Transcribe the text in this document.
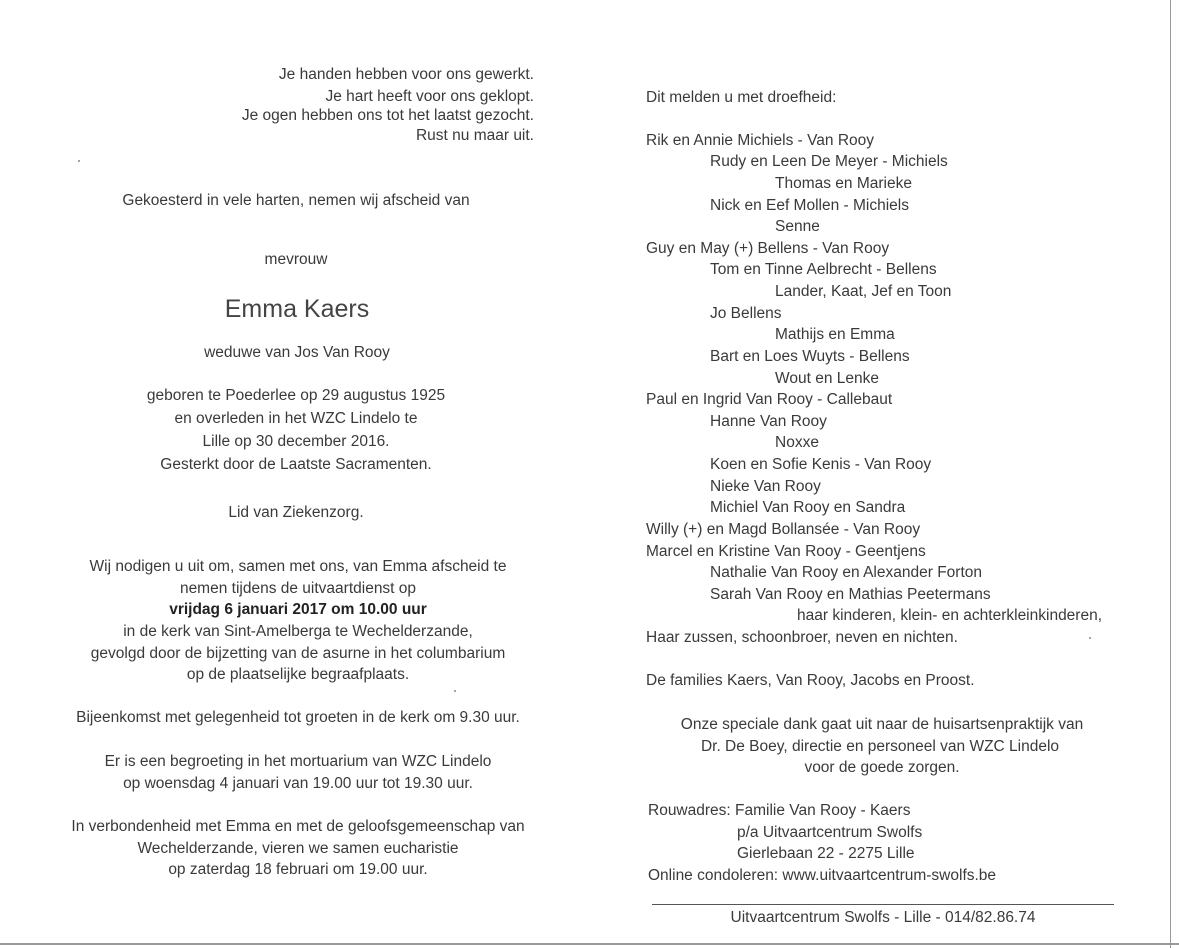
Je handen hebben voor ons gewerkt.
Je hart heeft voor ons geklopt.
Je ogen hebben ons tot het laatst gezocht.
Rust nu maar uit.
Gekoesterd in vele harten, nemen wij afscheid van
mevrouw
Emma Kaers
weduwe van Jos Van Rooy
geboren te Poederlee op 29 augustus 1925
en overleden in het WZC Lindelo te
Lille op 30 december 2016.
Gesterkt door de Laatste Sacramenten.
Lid van Ziekenzorg.
Wij nodigen u uit om, samen met ons, van Emma afscheid te
nemen tijdens de uitvaartdienst op
vrijdag 6 januari 2017 om 10.00 uur
in de kerk van Sint-Amelberga te Wechelderzande,
gevolgd door de bijzetting van de asurne in het columbarium
op de plaatselijke begraafplaats.
Bijeenkomst met gelegenheid tot groeten in de kerk om 9.30 uur.
Er is een begroeting in het mortuarium van WZC Lindelo
op woensdag 4 januari van 19.00 uur tot 19.30 uur.
In verbondenheid met Emma en met de geloofsgemeenschap van
Wechelderzande, vieren we samen eucharistie
op zaterdag 18 februari om 19.00 uur.
Dit melden u met droefheid:
Rik en Annie Michiels - Van Rooy
Rudy en Leen De Meyer - Michiels
Thomas en Marieke
Nick en Eef Mollen - Michiels
Senne
Guy en May (+) Bellens - Van Rooy
Tom en Tinne Aelbrecht - Bellens
Lander, Kaat, Jef en Toon
Jo Bellens
Mathijs en Emma
Bart en Loes Wuyts - Bellens
Wout en Lenke
Paul en Ingrid Van Rooy - Callebaut
Hanne Van Rooy
Noxxe
Koen en Sofie Kenis - Van Rooy
Nieke Van Rooy
Michiel Van Rooy en Sandra
Willy (+) en Magd Bollansée - Van Rooy
Marcel en Kristine Van Rooy - Geentjens
Nathalie Van Rooy en Alexander Forton
Sarah Van Rooy en Mathias Peetermans
haar kinderen, klein- en achterkleinkinderen,
Haar zussen, schoonbroer, neven en nichten.
De families Kaers, Van Rooy, Jacobs en Proost.
Onze speciale dank gaat uit naar de huisartsenpraktijk van
Dr. De Boey, directie en personeel van WZC Lindelo
voor de goede zorgen.
Rouwadres: Familie Van Rooy - Kaers
p/a Uitvaartcentrum Swolfs
Gierlebaan 22 - 2275 Lille
Online condoleren: www.uitvaartcentrum-swolfs.be
Uitvaartcentrum Swolfs - Lille - 014/82.86.74
